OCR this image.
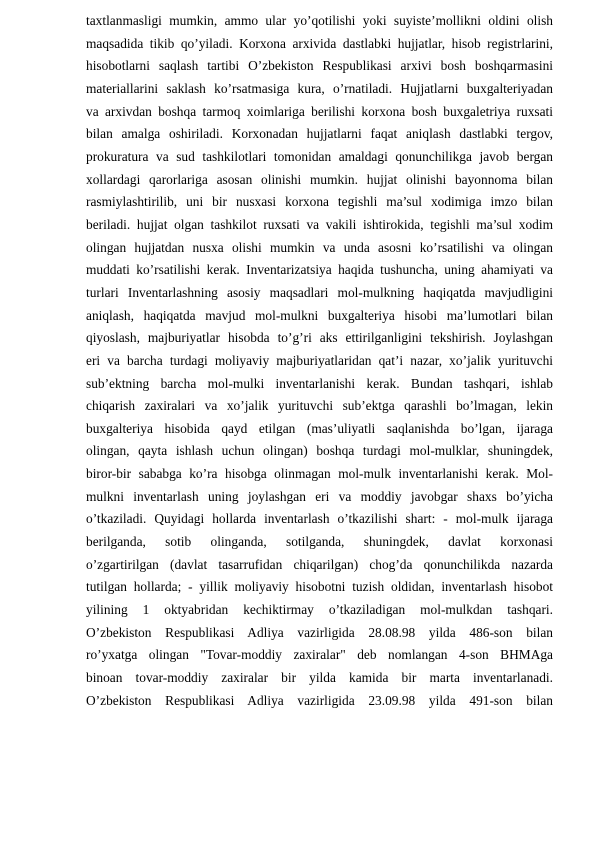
taxtlanmasligi mumkin, ammo ular yo’qotilishi yoki suyiste’mollikni oldini olish
maqsadida tikib qo’yiladi. Korxona arxivida dastlabki hujjatlar, hisob registrlarini,
hisobotlarni saqlash tartibi O’zbekiston Respublikasi arxivi bosh boshqarmasini
materiallarini saklash ko’rsatmasiga kura, o’rnatiladi. Hujjatlarni buxgalteriyadan
va arxivdan boshqa tarmoq xoimlariga berilishi korxona bosh buxgaletriya ruxsati
bilan amalga oshiriladi. Korxonadan hujjatlarni faqat aniqlash dastlabki tergov,
prokuratura va sud tashkilotlari tomonidan amaldagi qonunchilikga javob bergan
xollardagi qarorlariga asosan olinishi mumkin. hujjat olinishi bayonnoma bilan
rasmiylashtirilib, uni bir nusxasi korxona tegishli ma’sul xodimiga imzo bilan
beriladi. hujjat olgan tashkilot ruxsati va vakili ishtirokida, tegishli ma’sul xodim
olingan hujjatdan nusxa olishi mumkin va unda asosni ko’rsatilishi va olingan
muddati ko’rsatilishi kerak. Inventarizatsiya haqida tushuncha, uning ahamiyati va
turlari Inventarlashning asosiy maqsadlari mol-mulkning haqiqatda mavjudligini
aniqlash, haqiqatda mavjud mol-mulkni buxgalteriya hisobi ma’lumotlari bilan
qiyoslash, majburiyatlar hisobda to’g’ri aks ettirilganligini tekshirish. Joylashgan
eri va barcha turdagi moliyaviy majburiyatlaridan qat’i nazar, xo’jalik yurituvchi
sub’ektning barcha mol-mulki inventarlanishi kerak. Bundan tashqari, ishlab
chiqarish zaxiralari va xo’jalik yurituvchi sub’ektga qarashli bo’lmagan, lekin
buxgalteriya hisobida qayd etilgan (mas’uliyatli saqlanishda bo’lgan, ijaraga
olingan, qayta ishlash uchun olingan) boshqa turdagi mol-mulklar, shuningdek,
biror-bir sababga ko’ra hisobga olinmagan mol-mulk inventarlanishi kerak. Mol-
mulkni inventarlash uning joylashgan eri va moddiy javobgar shaxs bo’yicha
o’tkaziladi. Quyidagi hollarda inventarlash o’tkazilishi shart: - mol-mulk ijaraga
berilganda, sotib olinganda, sotilganda, shuningdek, davlat korxonasi
o’zgartirilgan (davlat tasarrufidan chiqarilgan) chog’da qonunchilikda nazarda
tutilgan hollarda; - yillik moliyaviy hisobotni tuzish oldidan, inventarlash hisobot
yilining 1 oktyabridan kechiktirmay o’tkaziladigan mol-mulkdan tashqari.
O’zbekiston Respublikasi Adliya vazirligida 28.08.98 yilda 486-son bilan
ro’yxatga olingan "Tovar-moddiy zaxiralar" deb nomlangan 4-son BHMAga
binoan tovar-moddiy zaxiralar bir yilda kamida bir marta inventarlanadi.
O’zbekiston Respublikasi Adliya vazirligida 23.09.98 yilda 491-son bilan
